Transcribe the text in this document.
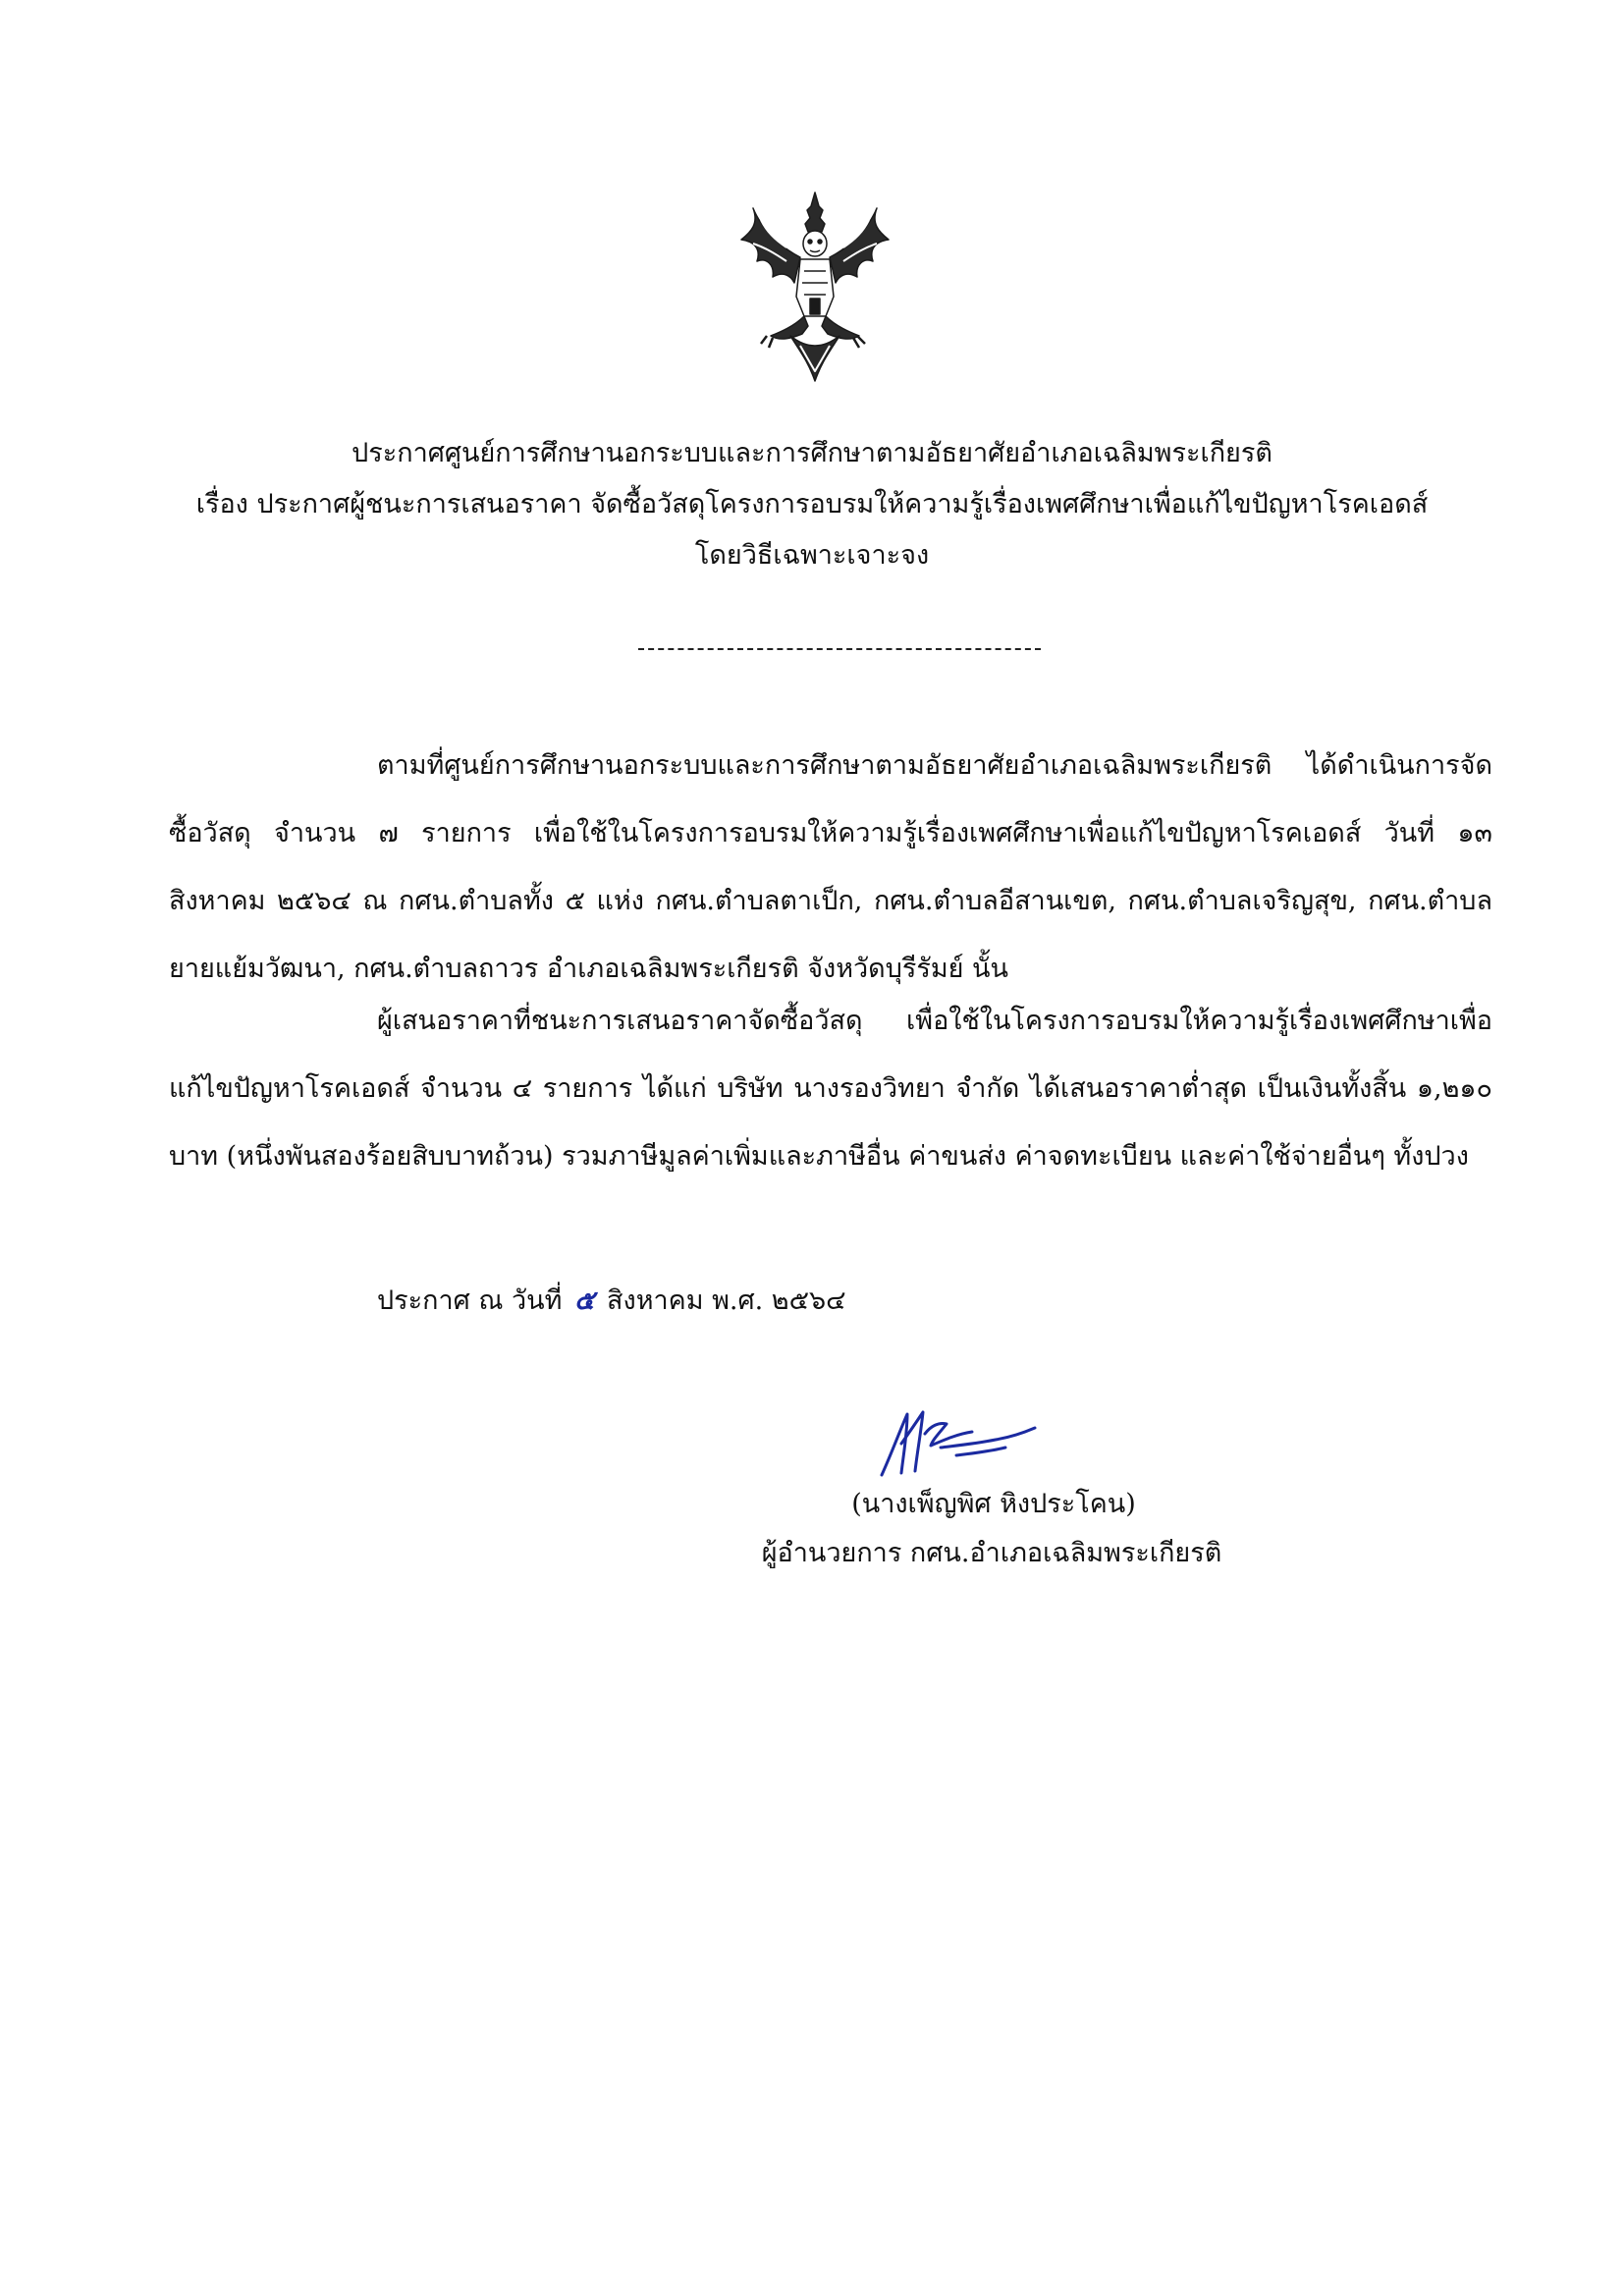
ประกาศศูนย์การศึกษานอกระบบและการศึกษาตามอัธยาศัยอำเภอเฉลิมพระเกียรติ
เรื่อง ประกาศผู้ชนะการเสนอราคา จัดซื้อวัสดุโครงการอบรมให้ความรู้เรื่องเพศศึกษาเพื่อแก้ไขปัญหาโรคเอดส์
โดยวิธีเฉพาะเจาะจง
ตามที่ศูนย์การศึกษานอกระบบและการศึกษาตามอัธยาศัยอำเภอเฉลิมพระเกียรติ ได้ดำเนินการจัดซื้อวัสดุ จำนวน ๗ รายการ เพื่อใช้ในโครงการอบรมให้ความรู้เรื่องเพศศึกษาเพื่อแก้ไขปัญหาโรคเอดส์ วันที่ ๑๓ สิงหาคม ๒๕๖๔ ณ กศน.ตำบลทั้ง ๕ แห่ง กศน.ตำบลตาเป็ก, กศน.ตำบลอีสานเขต, กศน.ตำบลเจริญสุข, กศน.ตำบลยายแย้มวัฒนา, กศน.ตำบลถาวร อำเภอเฉลิมพระเกียรติ จังหวัดบุรีรัมย์ นั้น
ผู้เสนอราคาที่ชนะการเสนอราคาจัดซื้อวัสดุ เพื่อใช้ในโครงการอบรมให้ความรู้เรื่องเพศศึกษาเพื่อแก้ไขปัญหาโรคเอดส์ จำนวน ๔ รายการ ได้แก่ บริษัท นางรองวิทยา จำกัด ได้เสนอราคาต่ำสุด เป็นเงินทั้งสิ้น ๑,๒๑๐ บาท (หนึ่งพันสองร้อยสิบบาทถ้วน) รวมภาษีมูลค่าเพิ่มและภาษีอื่น ค่าขนส่ง ค่าจดทะเบียน และค่าใช้จ่ายอื่นๆ ทั้งปวง
ประกาศ ณ วันที่ ๕ สิงหาคม พ.ศ. ๒๕๖๔
(นางเพ็ญพิศ หิงประโคน)
ผู้อำนวยการ กศน.อำเภอเฉลิมพระเกียรติ
